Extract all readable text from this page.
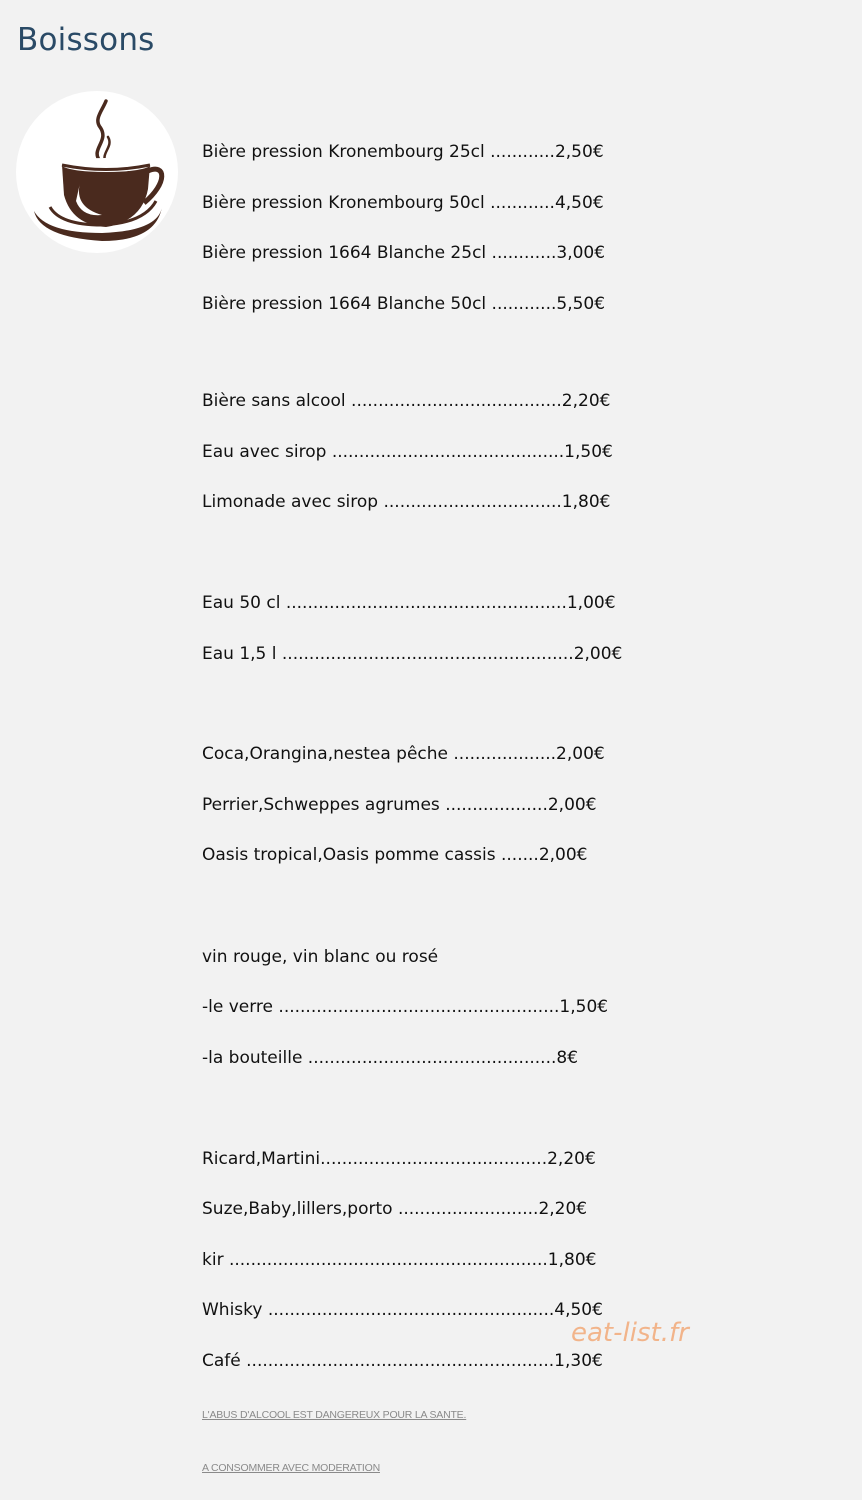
Boissons

Bière pression Kronembourg 25cl ............2,50€

Bière pression Kronembourg 50cl ............4,50€

Bière pression 1664 Blanche 25cl ............3,00€

Bière pression 1664 Blanche 50cl ............5,50€

Bière sans alcool .......................................2,20€

Eau avec sirop ...........................................1,50€

Limonade avec sirop .................................1,80€

Eau 50 cl ....................................................1,00€

Eau 1,5 l ......................................................2,00€

Coca,Orangina,nestea pêche ...................2,00€

Perrier,Schweppes agrumes ...................2,00€

Oasis tropical,Oasis pomme cassis .......2,00€

vin rouge, vin blanc ou rosé

-le verre ....................................................1,50€

-la bouteille ..............................................8€

Ricard,Martini..........................................2,20€

Suze,Baby,lillers,porto ..........................2,20€

kir ...........................................................1,80€

Whisky .....................................................4,50€

Café .........................................................1,30€

L'ABUS D'ALCOOL EST DANGEREUX POUR LA SANTE.

A CONSOMMER AVEC MODERATION

eat-list.fr
